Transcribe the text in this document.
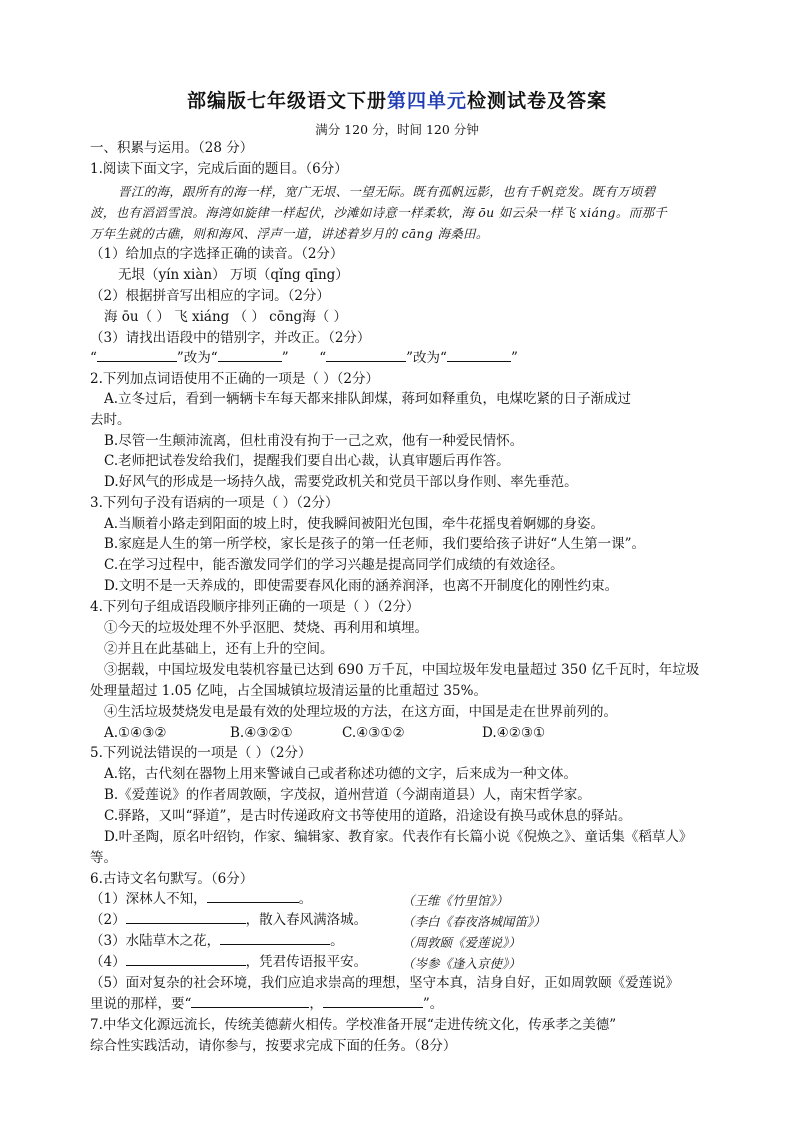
部编版七年级语文下册第四单元检测试卷及答案
满分 120 分，时间 120 分钟
一、积累与运用。（28 分）
1.阅读下面文字，完成后面的题目。（6分）
晋江的海，跟所有的海一样，宽广无垠、一望无际。既有孤帆远影，也有千帆竞发。既有万顷碧
波，也有滔滔雪浪。海湾如旋律一样起伏，沙滩如诗意一样柔软，海 ōu 如云朵一样飞 xiáng。而那千
万年生就的古礁，则和海风、浮声一道，讲述着岁月的 cāng 海桑田。
（1）给加点的字选择正确的读音。（2分）
无垠（yín xiàn） 万顷（qǐng qīng）
（2）根据拼音写出相应的字词。（2分）
海 ōu（ ） 飞 xiáng （ ） cōng海（ ）
（3）请找出语段中的错别字，并改正。（2分）
“	”改为“	” “	”改为“	”
2.下列加点词语使用不正确的一项是（ ）（2分）
A.立冬过后，看到一辆辆卡车每天都来排队卸煤，蒋珂如释重负，电煤吃紧的日子渐成过
去时。
B.尽管一生颠沛流离，但杜甫没有拘于一己之欢，他有一种爱民情怀。
C.老师把试卷发给我们，提醒我们要自出心裁，认真审题后再作答。
D.好风气的形成是一场持久战，需要党政机关和党员干部以身作则、率先垂范。
3.下列句子没有语病的一项是（ ）（2分）
A.当顺着小路走到阳面的坡上时，使我瞬间被阳光包围，牵牛花摇曳着婀娜的身姿。
B.家庭是人生的第一所学校，家长是孩子的第一任老师，我们要给孩子讲好“人生第一课”。
C.在学习过程中，能否激发同学们的学习兴趣是提高同学们成绩的有效途径。
D.文明不是一天养成的，即使需要春风化雨的涵养润泽，也离不开制度化的刚性约束。
4.下列句子组成语段顺序排列正确的一项是（ ）（2分）
①今天的垃圾处理不外乎沤肥、焚烧、再利用和填埋。
②并且在此基础上，还有上升的空间。
③据载，中国垃圾发电装机容量已达到 690 万千瓦，中国垃圾年发电量超过 350 亿千瓦时，年垃圾
处理量超过 1.05 亿吨，占全国城镇垃圾清运量的比重超过 35%。
④生活垃圾焚烧发电是最有效的处理垃圾的方法，在这方面，中国是走在世界前列的。
A.①④③②	B.④③②①	C.④③①②	D.④②③①
5.下列说法错误的一项是（ ）（2分）
A.铭，古代刻在器物上用来警诫自己或者称述功德的文字，后来成为一种文体。
B.《爱莲说》的作者周敦颐，字茂叔，道州营道（今湖南道县）人，南宋哲学家。
C.驿路，又叫“驿道”，是古时传递政府文书等使用的道路，沿途设有换马或休息的驿站。
D.叶圣陶，原名叶绍钧，作家、编辑家、教育家。代表作有长篇小说《倪焕之》、童话集《稻草人》
等。
6.古诗文名句默写。（6分）
（1）深林人不知，	。	（王维《竹里馆》）
（2）	，散入春风满洛城。	（李白《春夜洛城闻笛》）
（3）水陆草木之花，	。	（周敦颐《爱莲说》）
（4）	，凭君传语报平安。	（岑参《逢入京使》）
（5）面对复杂的社会环境，我们应追求崇高的理想，坚守本真，洁身自好，正如周敦颐《爱莲说》
里说的那样，要“	，	”。
7.中华文化源远流长，传统美德薪火相传。学校准备开展“走进传统文化，传承孝之美德”
综合性实践活动，请你参与，按要求完成下面的任务。（8分）
